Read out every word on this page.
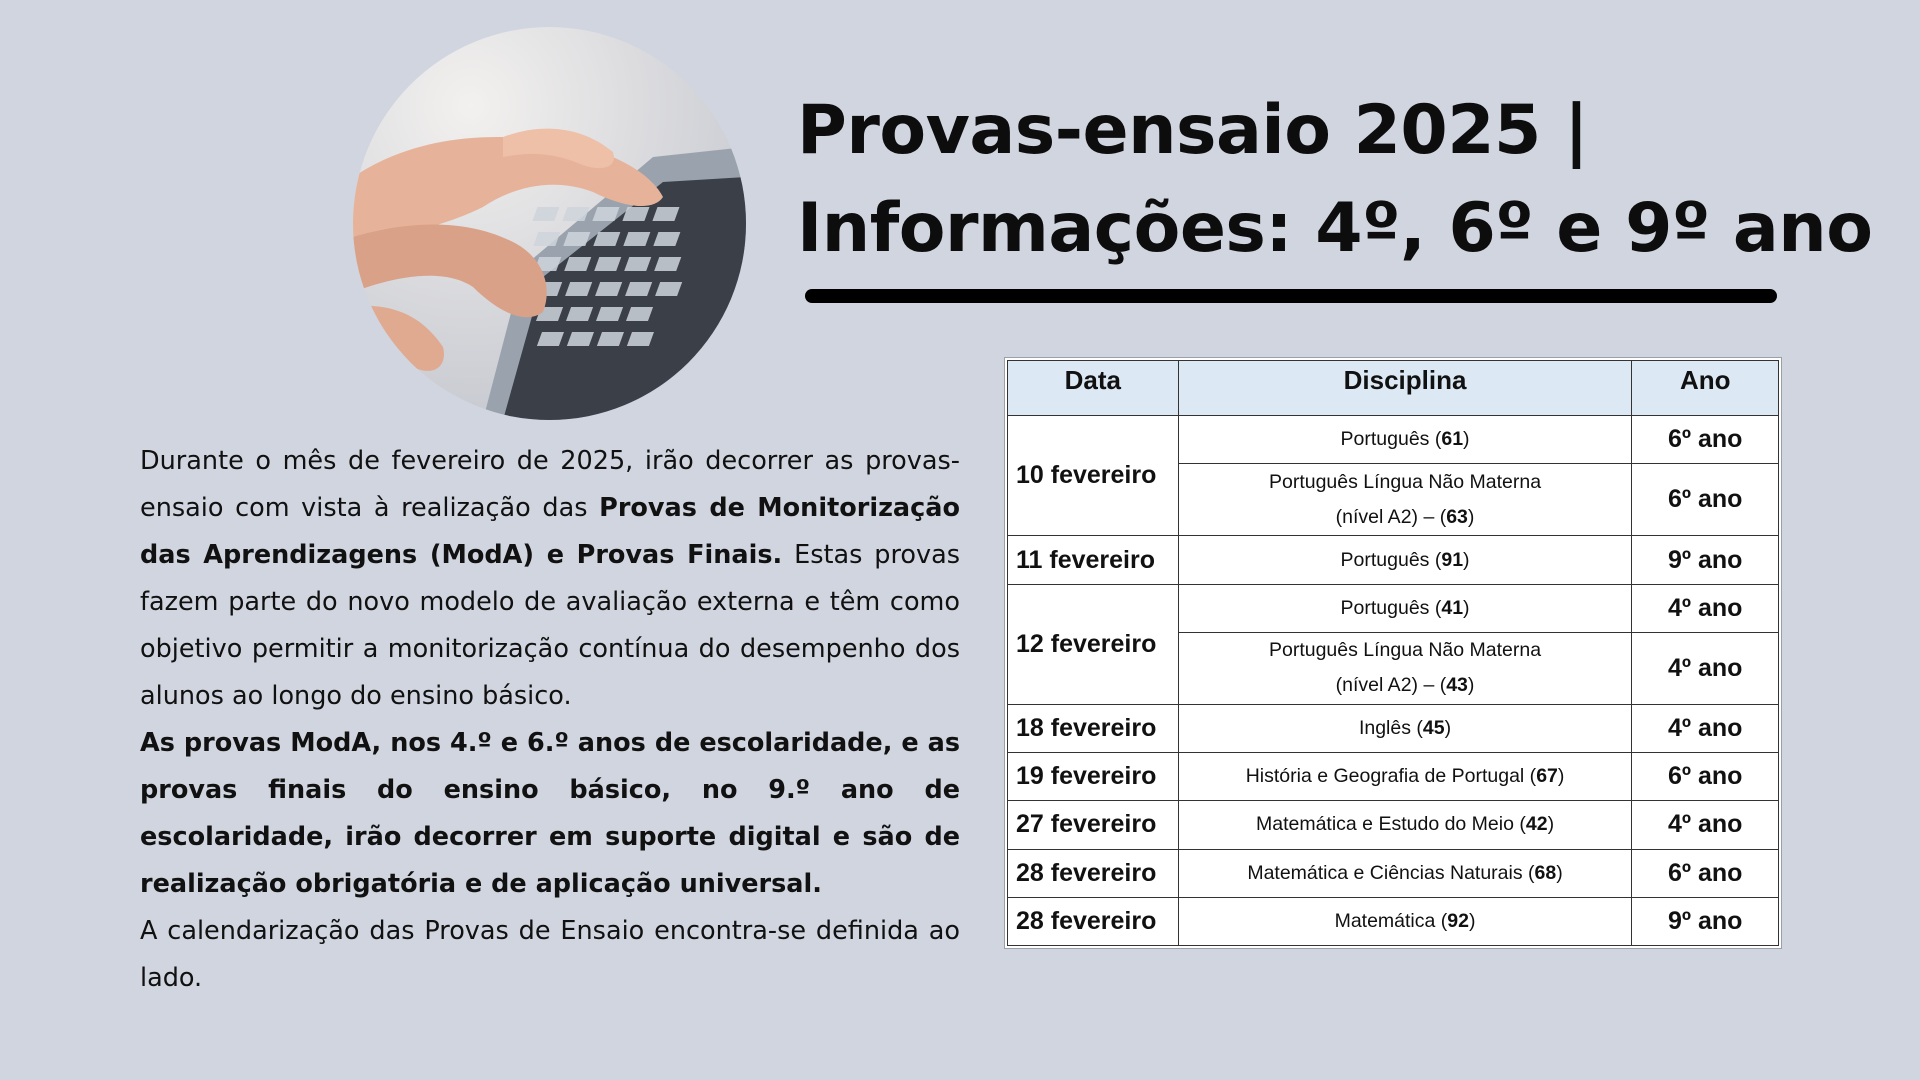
Provas-ensaio 2025 |
Informações: 4º, 6º e 9º ano

Durante o mês de fevereiro de 2025, irão decorrer as provas-ensaio com vista à realização das Provas de Monitorização das Aprendizagens (ModA) e Provas Finais. Estas provas fazem parte do novo modelo de avaliação externa e têm como objetivo permitir a monitorização contínua do desempenho dos alunos ao longo do ensino básico.

As provas ModA, nos 4.º e 6.º anos de escolaridade, e as provas finais do ensino básico, no 9.º ano de escolaridade, irão decorrer em suporte digital e são de realização obrigatória e de aplicação universal.

A calendarização das Provas de Ensaio encontra-se definida ao lado.

Data	Disciplina	Ano
10 fevereiro	Português (61)	6º ano
	Português Língua Não Materna
(nível A2) – (63)	6º ano
11 fevereiro	Português (91)	9º ano
12 fevereiro	Português (41)	4º ano
	Português Língua Não Materna
(nível A2) – (43)	4º ano
18 fevereiro	Inglês (45)	4º ano
19 fevereiro	História e Geografia de Portugal (67)	6º ano
27 fevereiro	Matemática e Estudo do Meio (42)	4º ano
28 fevereiro	Matemática e Ciências Naturais (68)	6º ano
28 fevereiro	Matemática (92)	9º ano
